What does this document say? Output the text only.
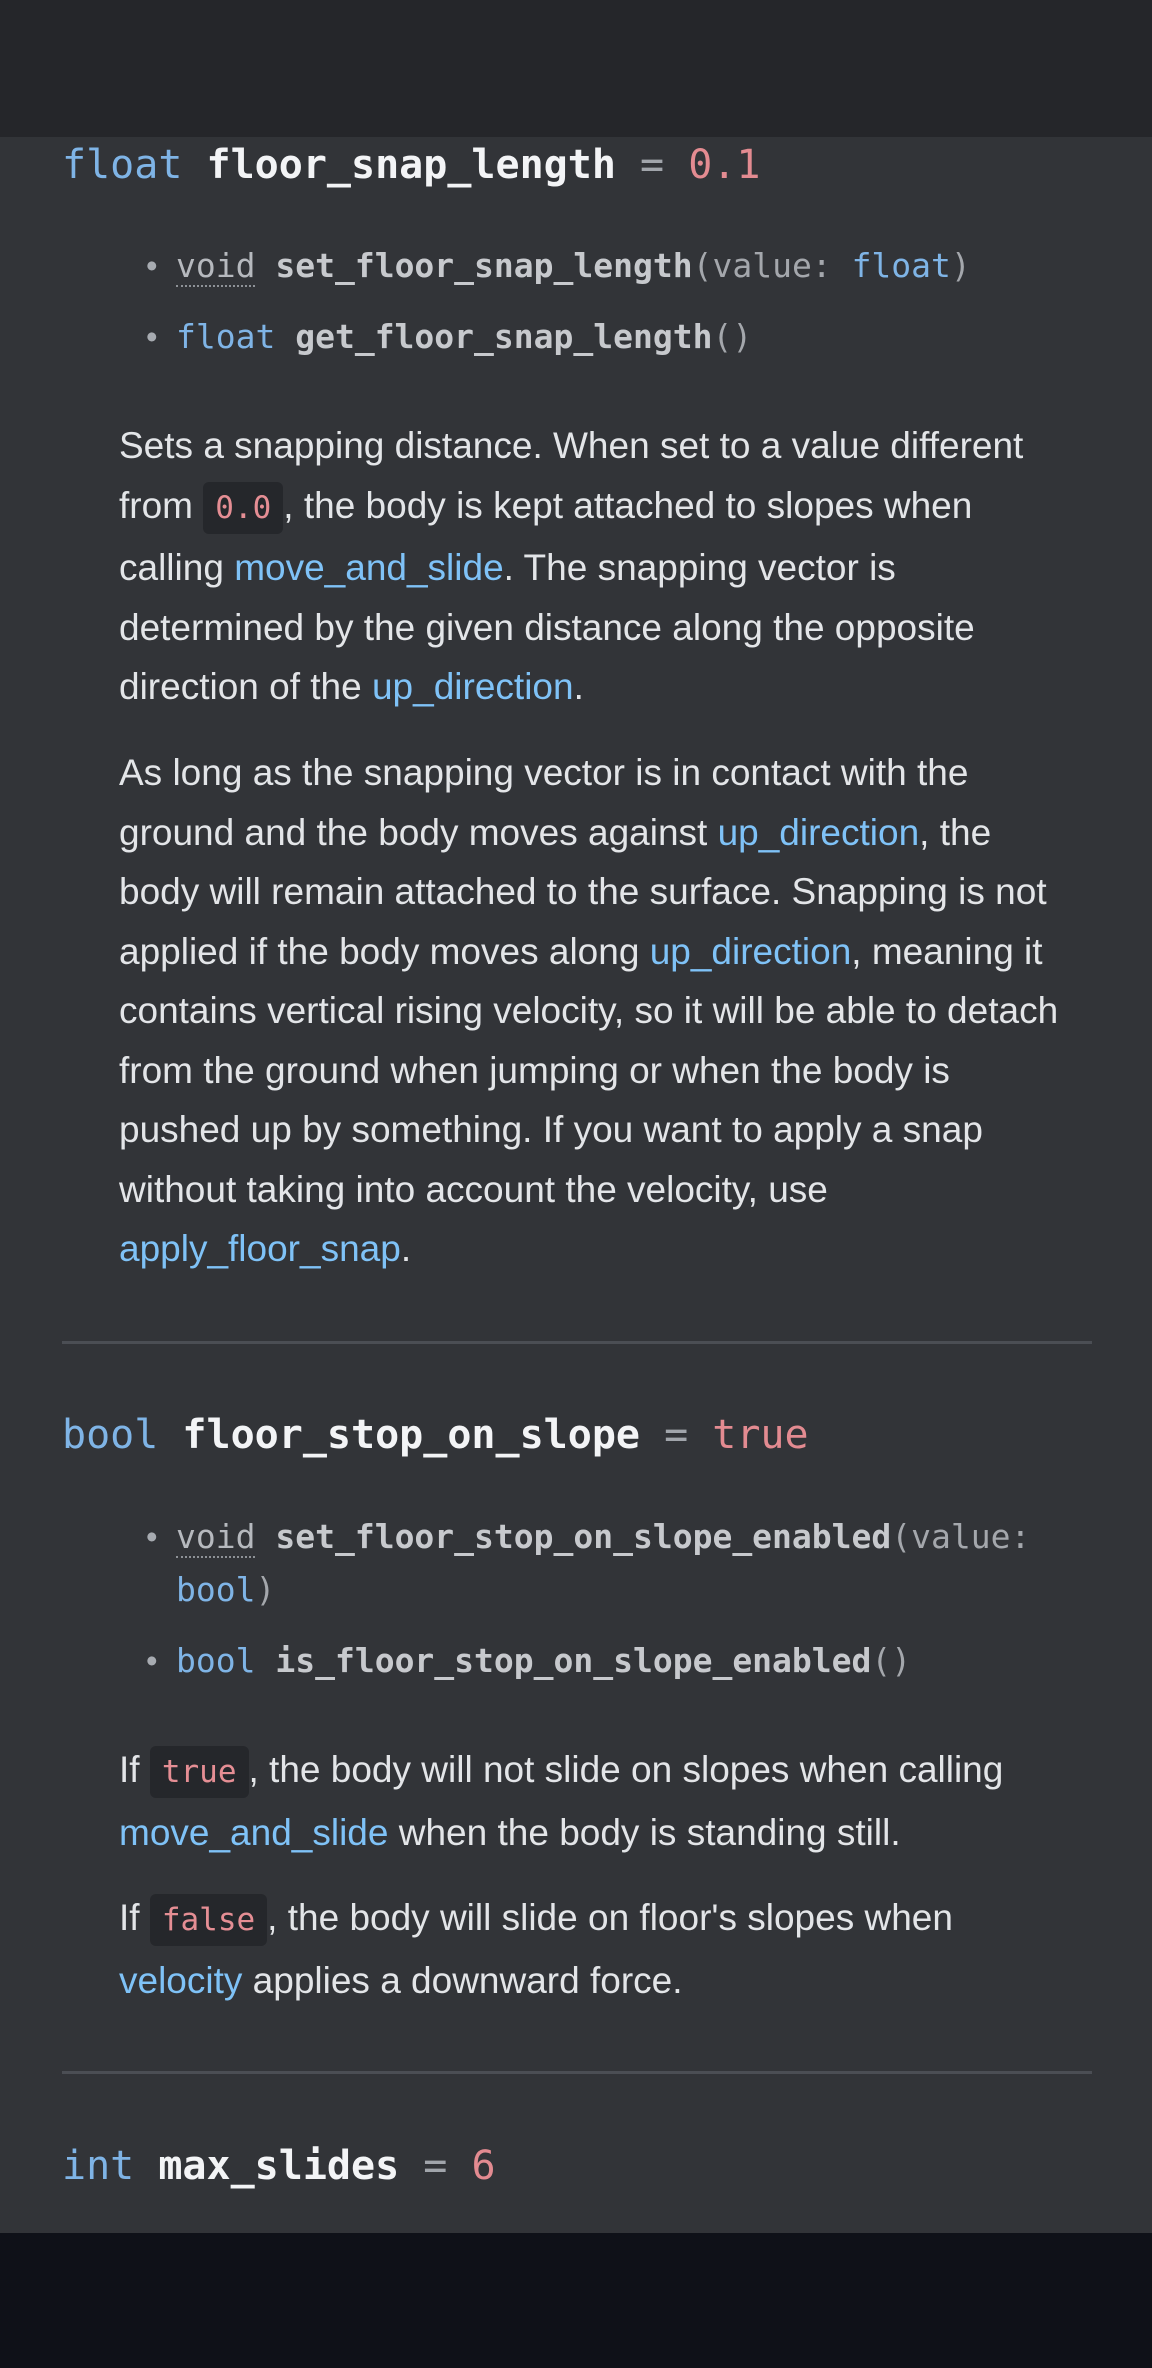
float floor_snap_length = 0.1
• void set_floor_snap_length(value: float)
• float get_floor_snap_length()

Sets a snapping distance. When set to a value different from 0.0 , the body is kept attached to slopes when calling move_and_slide. The snapping vector is determined by the given distance along the opposite direction of the up_direction.

As long as the snapping vector is in contact with the ground and the body moves against up_direction, the body will remain attached to the surface. Snapping is not applied if the body moves along up_direction, meaning it contains vertical rising velocity, so it will be able to detach from the ground when jumping or when the body is pushed up by something. If you want to apply a snap without taking into account the velocity, use apply_floor_snap.

bool floor_stop_on_slope = true
• void set_floor_stop_on_slope_enabled(value: bool)
• bool is_floor_stop_on_slope_enabled()

If true , the body will not slide on slopes when calling move_and_slide when the body is standing still.

If false , the body will slide on floor's slopes when velocity applies a downward force.

int max_slides = 6
